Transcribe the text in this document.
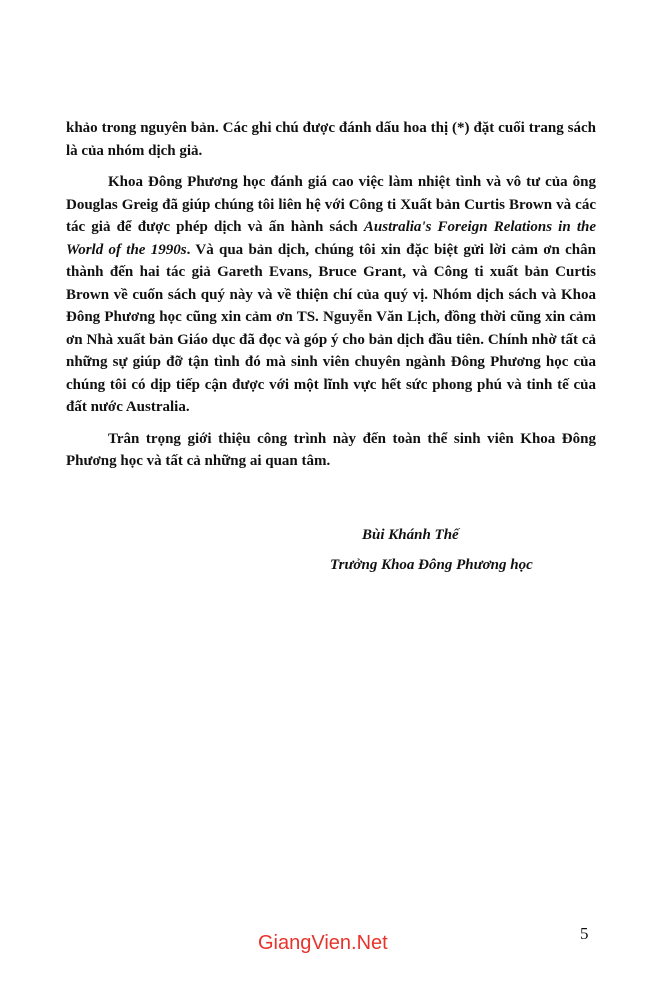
khảo trong nguyên bản. Các ghi chú được đánh dấu hoa thị (*) đặt cuối trang sách là của nhóm dịch giả.

Khoa Đông Phương học đánh giá cao việc làm nhiệt tình và vô tư của ông Douglas Greig đã giúp chúng tôi liên hệ với Công ti Xuất bản Curtis Brown và các tác giả để được phép dịch và ấn hành sách Australia's Foreign Relations in the World of the 1990s. Và qua bản dịch, chúng tôi xin đặc biệt gửi lời cảm ơn chân thành đến hai tác giả Gareth Evans, Bruce Grant, và Công ti xuất bản Curtis Brown về cuốn sách quý này và về thiện chí của quý vị. Nhóm dịch sách và Khoa Đông Phương học cũng xin cảm ơn TS. Nguyễn Văn Lịch, đồng thời cũng xin cảm ơn Nhà xuất bản Giáo dục đã đọc và góp ý cho bản dịch đầu tiên. Chính nhờ tất cả những sự giúp đỡ tận tình đó mà sinh viên chuyên ngành Đông Phương học của chúng tôi có dịp tiếp cận được với một lĩnh vực hết sức phong phú và tinh tế của đất nước Australia.

Trân trọng giới thiệu công trình này đến toàn thể sinh viên Khoa Đông Phương học và tất cả những ai quan tâm.

Bùi Khánh Thế
Trưởng Khoa Đông Phương học
GiangVien.Net	5
